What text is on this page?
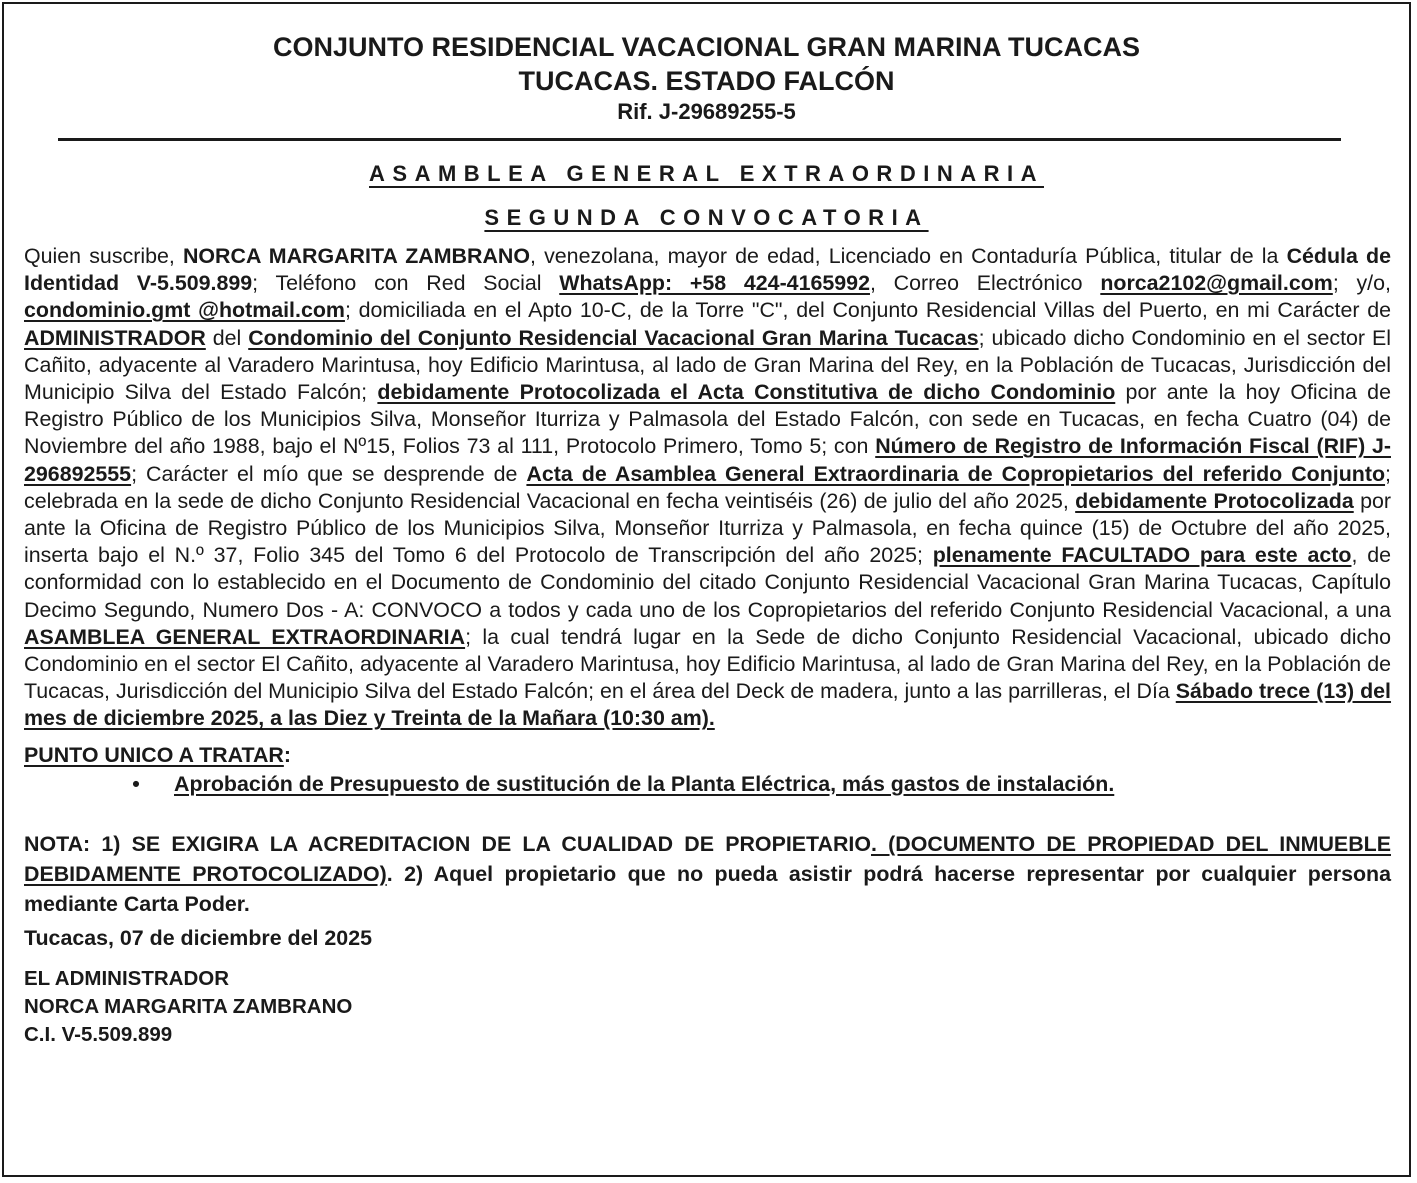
CONJUNTO RESIDENCIAL VACACIONAL GRAN MARINA TUCACAS

TUCACAS. ESTADO FALCÓN

Rif. J-29689255-5

ASAMBLEA GENERAL EXTRAORDINARIA

SEGUNDA CONVOCATORIA

Quien suscribe, NORCA MARGARITA ZAMBRANO, venezolana, mayor de edad, Licenciado en Contaduría Pública, titular de la Cédula de Identidad V-5.509.899; Teléfono con Red Social WhatsApp: +58 424-4165992, Correo Electrónico norca2102@gmail.com; y/o, condominio.gmt @hotmail.com; domiciliada en el Apto 10-C, de la Torre "C", del Conjunto Residencial Villas del Puerto, en mi Carácter de ADMINISTRADOR del Condominio del Conjunto Residencial Vacacional Gran Marina Tucacas; ubicado dicho Condominio en el sector El Cañito, adyacente al Varadero Marintusa, hoy Edificio Marintusa, al lado de Gran Marina del Rey, en la Población de Tucacas, Jurisdicción del Municipio Silva del Estado Falcón; debidamente Protocolizada el Acta Constitutiva de dicho Condominio por ante la hoy Oficina de Registro Público de los Municipios Silva, Monseñor Iturriza y Palmasola del Estado Falcón, con sede en Tucacas, en fecha Cuatro (04) de Noviembre del año 1988, bajo el Nº15, Folios 73 al 111, Protocolo Primero, Tomo 5; con Número de Registro de Información Fiscal (RIF) J-296892555; Carácter el mío que se desprende de Acta de Asamblea General Extraordinaria de Copropietarios del referido Conjunto; celebrada en la sede de dicho Conjunto Residencial Vacacional en fecha veintiséis (26) de julio del año 2025, debidamente Protocolizada por ante la Oficina de Registro Público de los Municipios Silva, Monseñor Iturriza y Palmasola, en fecha quince (15) de Octubre del año 2025, inserta bajo el N.º 37, Folio 345 del Tomo 6 del Protocolo de Transcripción del año 2025; plenamente FACULTADO para este acto, de conformidad con lo establecido en el Documento de Condominio del citado Conjunto Residencial Vacacional Gran Marina Tucacas, Capítulo Decimo Segundo, Numero Dos - A: CONVOCO a todos y cada uno de los Copropietarios del referido Conjunto Residencial Vacacional, a una ASAMBLEA GENERAL EXTRAORDINARIA; la cual tendrá lugar en la Sede de dicho Conjunto Residencial Vacacional, ubicado dicho Condominio en el sector El Cañito, adyacente al Varadero Marintusa, hoy Edificio Marintusa, al lado de Gran Marina del Rey, en la Población de Tucacas, Jurisdicción del Municipio Silva del Estado Falcón; en el área del Deck de madera, junto a las parrilleras, el Día Sábado trece (13) del mes de diciembre 2025, a las Diez y Treinta de la Mañara (10:30 am).
PUNTO UNICO A TRATAR:
•	Aprobación de Presupuesto de sustitución de la Planta Eléctrica, más gastos de instalación.
NOTA: 1) SE EXIGIRA LA ACREDITACION DE LA CUALIDAD DE PROPIETARIO. (DOCUMENTO DE PROPIEDAD DEL INMUEBLE DEBIDAMENTE PROTOCOLIZADO). 2) Aquel propietario que no pueda asistir podrá hacerse representar por cualquier persona mediante Carta Poder.
Tucacas, 07 de diciembre del 2025
EL ADMINISTRADOR
NORCA MARGARITA ZAMBRANO
C.I. V-5.509.899
